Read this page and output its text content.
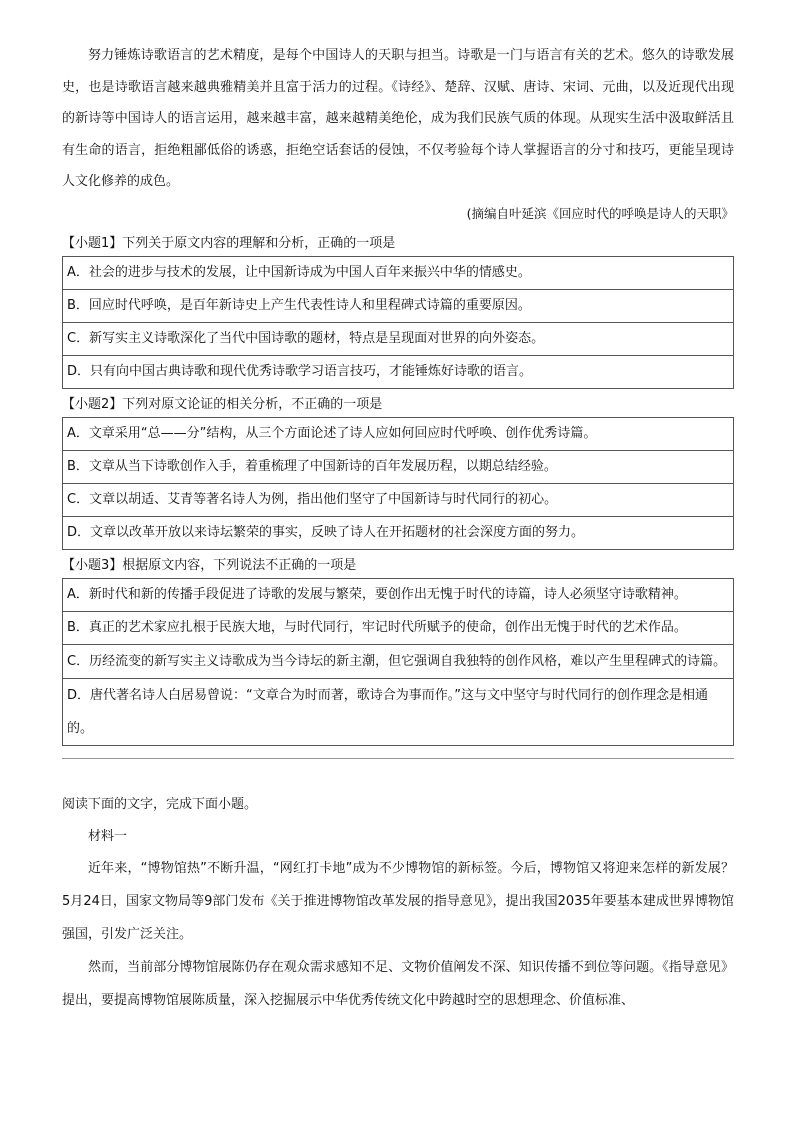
努力锤炼诗歌语言的艺术精度，是每个中国诗人的天职与担当。诗歌是一门与语言有关的艺术。悠久的诗歌发展史，也是诗歌语言越来越典雅精美并且富于活力的过程。《诗经》、楚辞、汉赋、唐诗、宋词、元曲，以及近现代出现的新诗等中国诗人的语言运用，越来越丰富，越来越精美绝伦，成为我们民族气质的体现。从现实生活中汲取鲜活且有生命的语言，拒绝粗鄙低俗的诱惑，拒绝空话套话的侵蚀，不仅考验每个诗人掌握语言的分寸和技巧，更能呈现诗人文化修养的成色。

(摘编自叶延滨《回应时代的呼唤是诗人的天职》

【小题1】下列关于原文内容的理解和分析，正确的一项是

A．社会的进步与技术的发展，让中国新诗成为中国人百年来振兴中华的情感史。
B．回应时代呼唤，是百年新诗史上产生代表性诗人和里程碑式诗篇的重要原因。
C．新写实主义诗歌深化了当代中国诗歌的题材，特点是呈现面对世界的向外姿态。
D．只有向中国古典诗歌和现代优秀诗歌学习语言技巧，才能锤炼好诗歌的语言。

【小题2】下列对原文论证的相关分析，不正确的一项是

A．文章采用“总——分”结构，从三个方面论述了诗人应如何回应时代呼唤、创作优秀诗篇。
B．文章从当下诗歌创作入手，着重梳理了中国新诗的百年发展历程，以期总结经验。
C．文章以胡适、艾青等著名诗人为例，指出他们坚守了中国新诗与时代同行的初心。
D．文章以改革开放以来诗坛繁荣的事实，反映了诗人在开拓题材的社会深度方面的努力。

【小题3】根据原文内容，下列说法不正确的一项是

A．新时代和新的传播手段促进了诗歌的发展与繁荣，要创作出无愧于时代的诗篇，诗人必须坚守诗歌精神。
B．真正的艺术家应扎根于民族大地，与时代同行，牢记时代所赋予的使命，创作出无愧于时代的艺术作品。
C．历经流变的新写实主义诗歌成为当今诗坛的新主潮，但它强调自我独特的创作风格，难以产生里程碑式的诗篇。
D．唐代著名诗人白居易曾说：“文章合为时而著，歌诗合为事而作。”这与文中坚守与时代同行的创作理念是相通的。

阅读下面的文字，完成下面小题。

材料一

近年来，“博物馆热”不断升温，“网红打卡地”成为不少博物馆的新标签。今后，博物馆又将迎来怎样的新发展？5月24日，国家文物局等9部门发布《关于推进博物馆改革发展的指导意见》，提出我国2035年要基本建成世界博物馆强国，引发广泛关注。

然而，当前部分博物馆展陈仍存在观众需求感知不足、文物价值阐发不深、知识传播不到位等问题。《指导意见》提出，要提高博物馆展陈质量，深入挖掘展示中华优秀传统文化中跨越时空的思想理念、价值标准、
